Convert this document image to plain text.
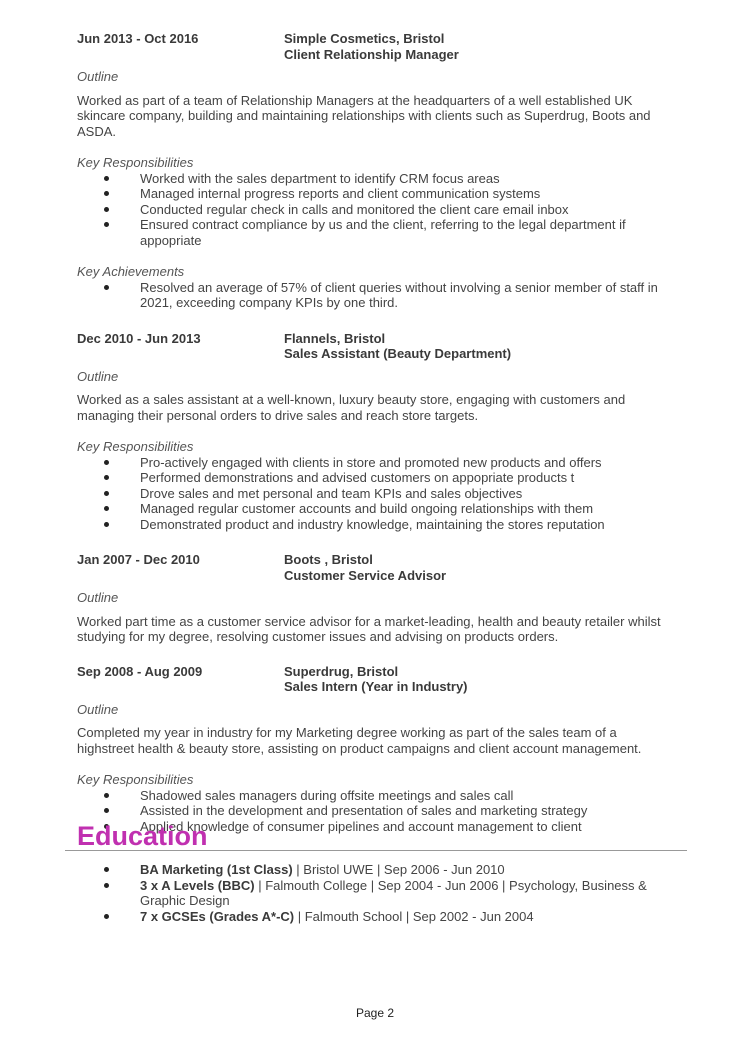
Jun 2013 - Oct 2016	Simple Cosmetics, Bristol
Client Relationship Manager
Outline
Worked as part of a team of Relationship Managers at the headquarters of a well established UK skincare company, building and maintaining relationships with clients such as Superdrug, Boots and ASDA.
Key Responsibilities
Worked with the sales department to identify CRM focus areas
Managed internal progress reports and client communication systems
Conducted regular check in calls and monitored the client care email inbox
Ensured contract compliance by us and the client, referring to the legal department if appopriate
Key Achievements
Resolved an average of 57% of client queries without involving a senior member of staff in 2021, exceeding company KPIs by one third.
Dec 2010 - Jun 2013	Flannels, Bristol
Sales Assistant (Beauty Department)
Outline
Worked as a sales assistant at a well-known, luxury beauty store, engaging with customers and managing their personal orders to drive sales and reach store targets.
Key Responsibilities
Pro-actively engaged with clients in store and promoted new products and offers
Performed demonstrations and advised customers on appopriate products t
Drove sales and met personal and team KPIs and sales objectives
Managed regular customer accounts and build ongoing relationships with them
Demonstrated product and industry knowledge, maintaining the stores reputation
Jan 2007 - Dec 2010	Boots , Bristol
Customer Service Advisor
Outline
Worked part time as a customer service advisor for a market-leading, health and beauty retailer whilst studying for my degree, resolving customer issues and advising on products orders.
Sep 2008 - Aug 2009	Superdrug, Bristol
Sales Intern (Year in Industry)
Outline
Completed my year in industry for my Marketing degree working as part of the sales team of a highstreet health & beauty store, assisting on product campaigns and client account management.
Key Responsibilities
Shadowed sales managers during offsite meetings and sales call
Assisted in the development and presentation of sales and marketing strategy
Applied knowledge of consumer pipelines and account management to client
Education
BA Marketing (1st Class) | Bristol UWE | Sep 2006 - Jun 2010
3 x A Levels (BBC) | Falmouth College | Sep 2004 - Jun 2006 | Psychology, Business & Graphic Design
7 x GCSEs (Grades A*-C) | Falmouth School | Sep 2002 - Jun 2004
Page 2
